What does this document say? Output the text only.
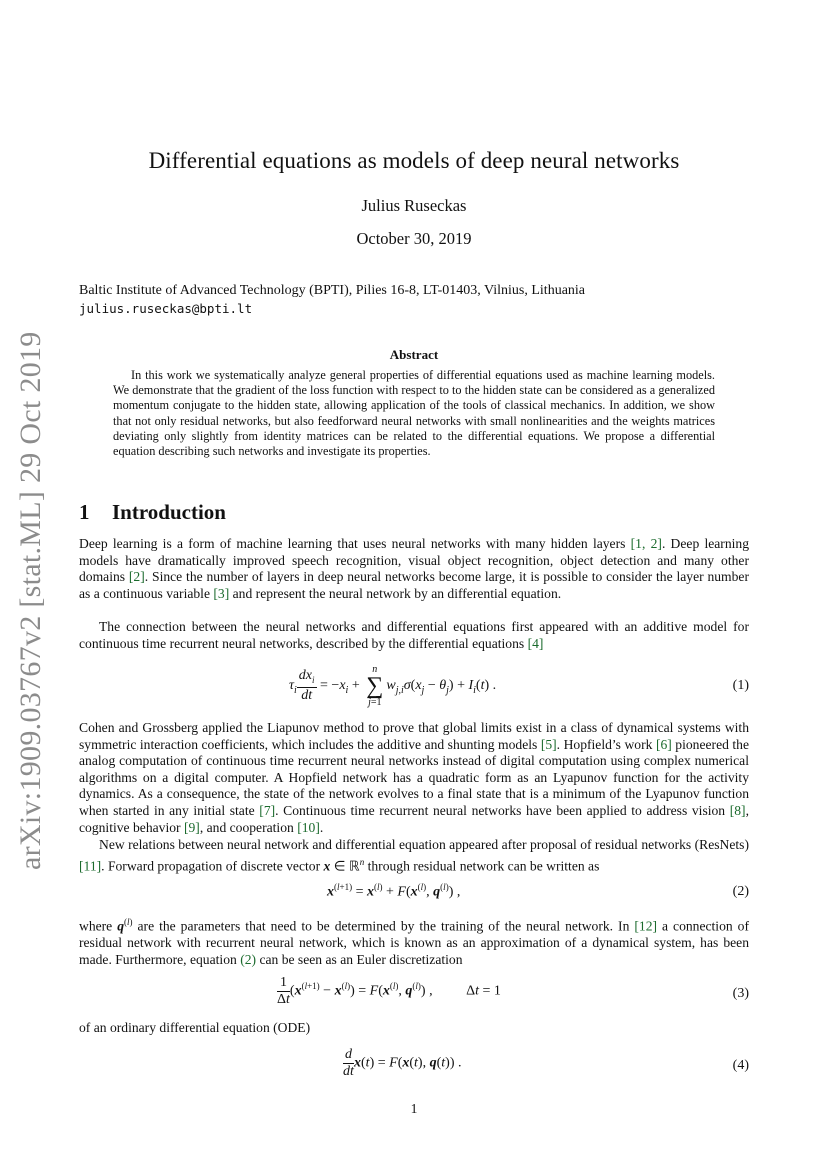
arXiv:1909.03767v2 [stat.ML] 29 Oct 2019
Differential equations as models of deep neural networks
Julius Ruseckas
October 30, 2019
Baltic Institute of Advanced Technology (BPTI), Pilies 16-8, LT-01403, Vilnius, Lithuania
julius.ruseckas@bpti.lt
Abstract

In this work we systematically analyze general properties of differential equations used as machine learning models. We demonstrate that the gradient of the loss function with respect to to the hidden state can be considered as a generalized momentum conjugate to the hidden state, allowing application of the tools of classical mechanics. In addition, we show that not only residual networks, but also feedforward neural networks with small nonlinearities and the weights matrices deviating only slightly from identity matrices can be related to the differential equations. We propose a differential equation describing such networks and investigate its properties.

1 Introduction

Deep learning is a form of machine learning that uses neural networks with many hidden layers [1, 2]. Deep learning models have dramatically improved speech recognition, visual object recognition, object detection and many other domains [2]. Since the number of layers in deep neural networks become large, it is possible to consider the layer number as a continuous variable [3] and represent the neural network by an differential equation.

The connection between the neural networks and differential equations first appeared with an additive model for continuous time recurrent neural networks, described by the differential equations [4]

$\tau_i \frac{dx_i}{dt} = -x_i + n$
∑
$j=1w_{j,i}\sigma(x_j - \theta_j) + I_i(t)$ .	(1)

Cohen and Grossberg applied the Liapunov method to prove that global limits exist in a class of dynamical systems with symmetric interaction coefficients, which includes the additive and shunting models [5]. Hopfield’s work [6] pioneered the analog computation of continuous time recurrent neural networks instead of digital computation using complex numerical algorithms on a digital computer. A Hopfield network has a quadratic form as an Lyapunov function for the activity dynamics. As a consequence, the state of the network evolves to a final state that is a minimum of the Lyapunov function when started in any initial state [7]. Continuous time recurrent neural networks have been applied to address vision [8], cognitive behavior [9], and cooperation [10].

New relations between neural network and differential equation appeared after proposal of residual networks (ResNets) [11]. Forward propagation of discrete vector x ∈ ℝ$^n$ through residual network can be written as

$x^{(l+1)} = x^{(l)} + F(x^{(l)}$, $q^{(l)}$) ,	(2)

where $q^{(l)}$ are the parameters that need to be determined by the training of the neural network. In [12] a connection of residual network with recurrent neural network, which is known as an approximation of a dynamical system, has been made. Furthermore, equation (2) can be seen as an Euler discretization

$\frac{1}{\Delta t} (x^{(l+1)} - x^{(l)}) = F(x^{(l)}$, $q^{(l)}$) , Δt = 1	(3)

of an ordinary differential equation (ODE)

$\frac{d}{dt} x(t) = F(x(t)$, q(t)) .	(4)
1
